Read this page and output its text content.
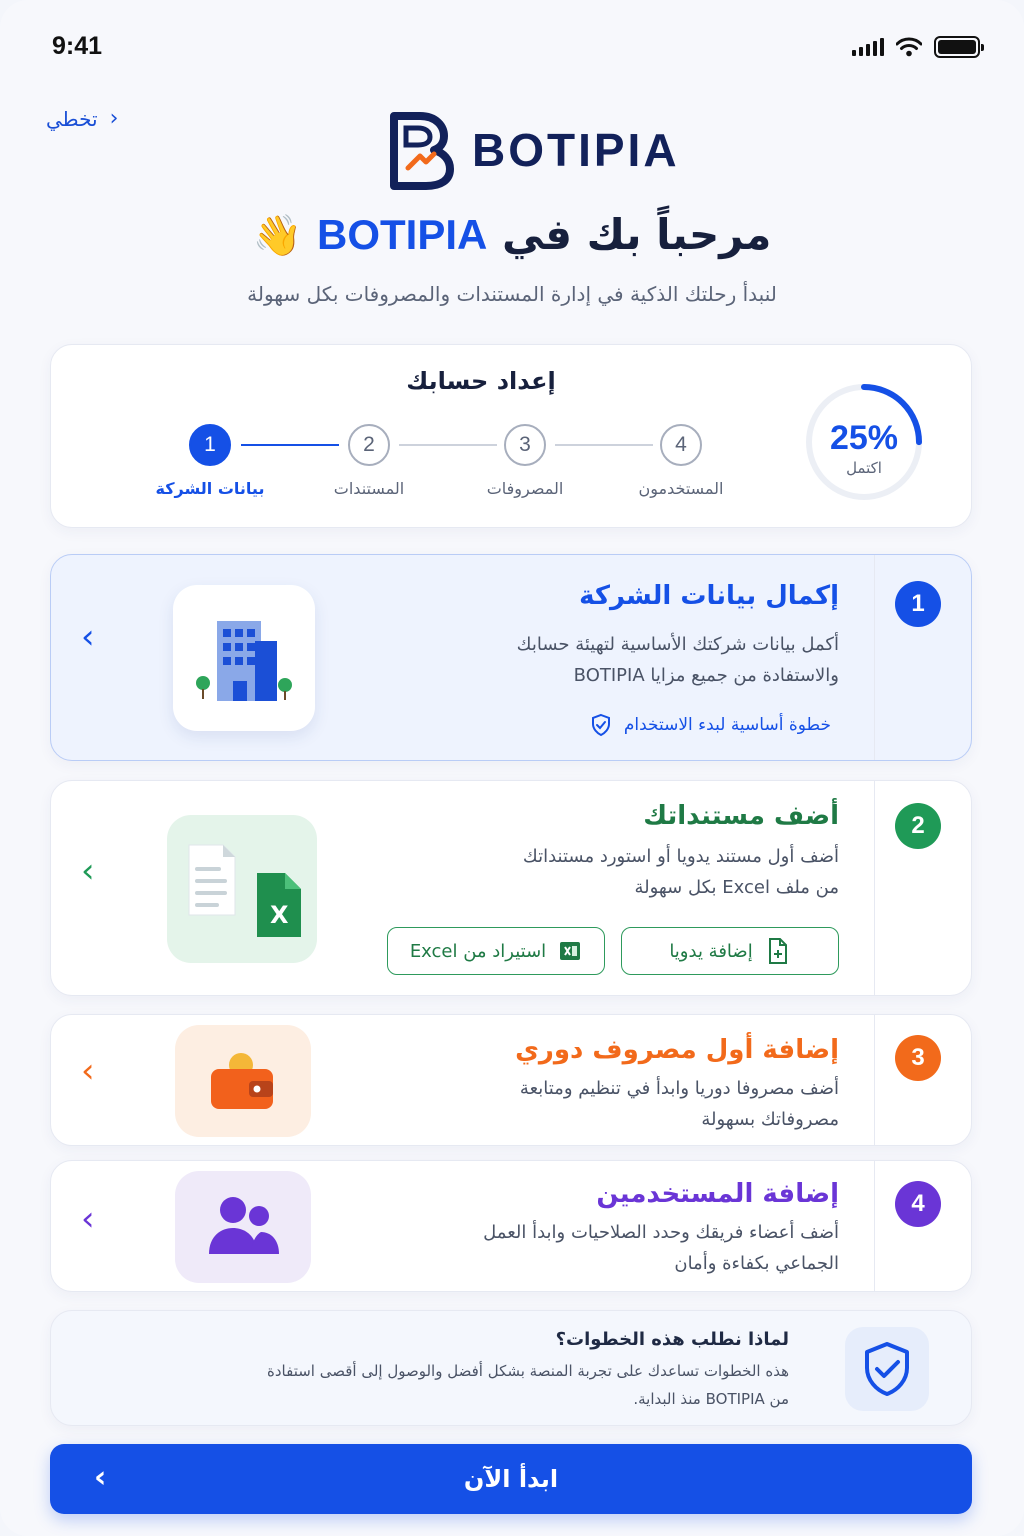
9:41
تخطي ›
BOTIPIA
مرحباً بك في BOTIPIA 👋
لنبدأ رحلتك الذكية في إدارة المستندات والمصروفات بكل سهولة
إعداد حسابك
1	2	3	4
بيانات الشركة	المستندات	المصروفات	المستخدمون
25%
اكتمل
1
إكمال بيانات الشركة
أكمل بيانات شركتك الأساسية لتهيئة حسابك
والاستفادة من جميع مزايا BOTIPIA
خطوة أساسية لبدء الاستخدام
‹
2
أضف مستنداتك
أضف أول مستند يدويا أو استورد مستنداتك
من ملف Excel بكل سهولة
إضافة يدويا
استيراد من Excel
X
‹
3
إضافة أول مصروف دوري
أضف مصروفا دوريا وابدأ في تنظيم ومتابعة
مصروفاتك بسهولة
‹
4
إضافة المستخدمين
أضف أعضاء فريقك وحدد الصلاحيات وابدأ العمل
الجماعي بكفاءة وأمان
‹
لماذا نطلب هذه الخطوات؟
هذه الخطوات تساعدك على تجربة المنصة بشكل أفضل والوصول إلى أقصى استفادة
من BOTIPIA منذ البداية.
ابدأ الآن
›
